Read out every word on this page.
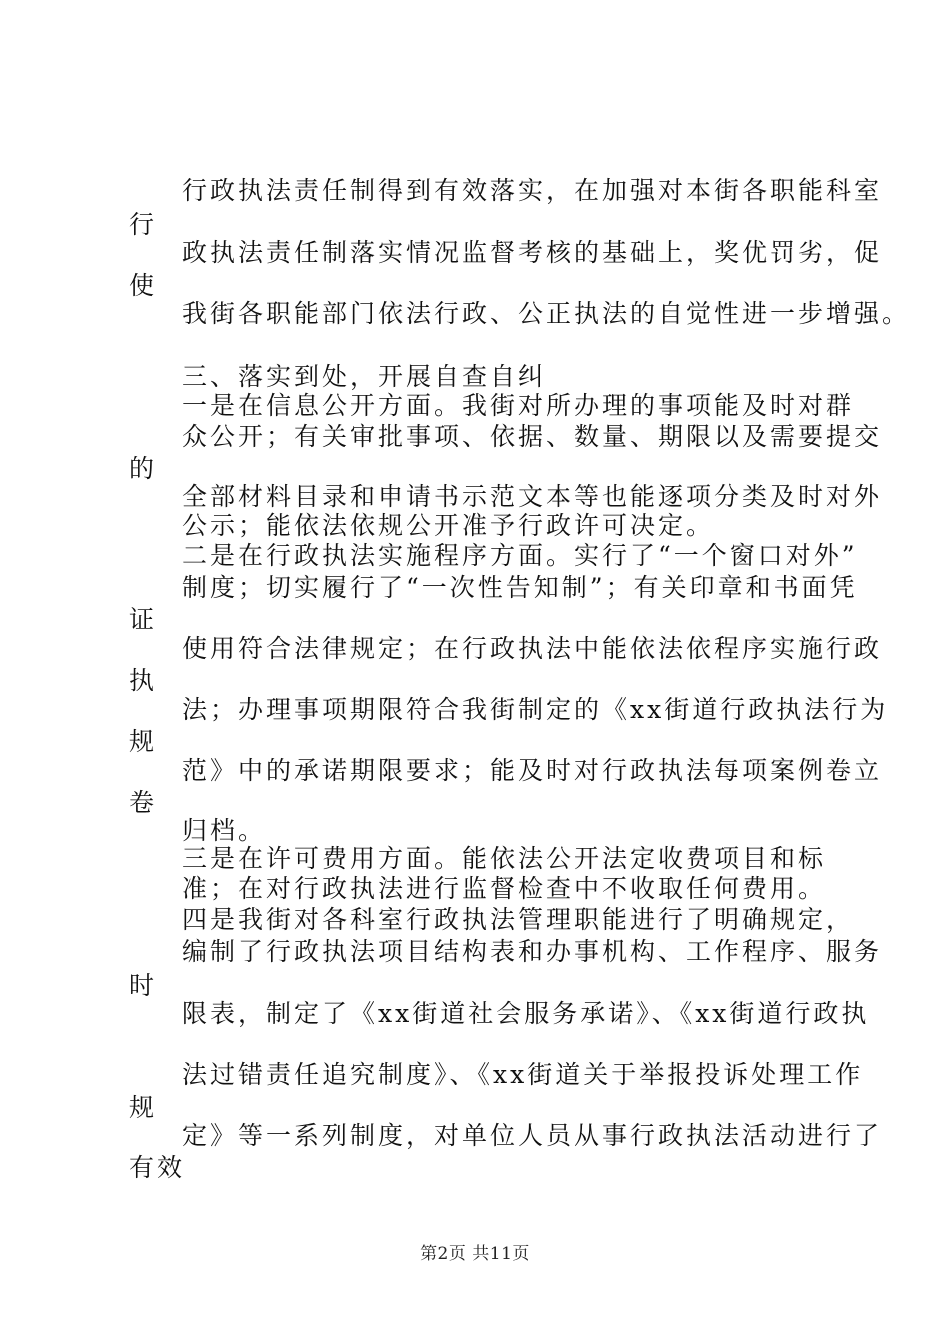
行政执法责任制得到有效落实，在加强对本街各职能科室
行
政执法责任制落实情况监督考核的基础上，奖优罚劣，促
使
我街各职能部门依法行政、公正执法的自觉性进一步增强。
三、落实到处，开展自查自纠
一是在信息公开方面。我街对所办理的事项能及时对群
众公开；有关审批事项、依据、数量、期限以及需要提交
的
全部材料目录和申请书示范文本等也能逐项分类及时对外
公示；能依法依规公开准予行政许可决定。
二是在行政执法实施程序方面。实行了“一个窗口对外”
制度；切实履行了“一次性告知制”；有关印章和书面凭
证
使用符合法律规定；在行政执法中能依法依程序实施行政
执
法；办理事项期限符合我街制定的《xx街道行政执法行为
规
范》中的承诺期限要求；能及时对行政执法每项案例卷立
卷
归档。
三是在许可费用方面。能依法公开法定收费项目和标
准；在对行政执法进行监督检查中不收取任何费用。
四是我街对各科室行政执法管理职能进行了明确规定，
编制了行政执法项目结构表和办事机构、工作程序、服务
时
限表，制定了《xx街道社会服务承诺》、《xx街道行政执
法过错责任追究制度》、《xx街道关于举报投诉处理工作
规
定》等一系列制度，对单位人员从事行政执法活动进行了
有效
第2页 共11页
